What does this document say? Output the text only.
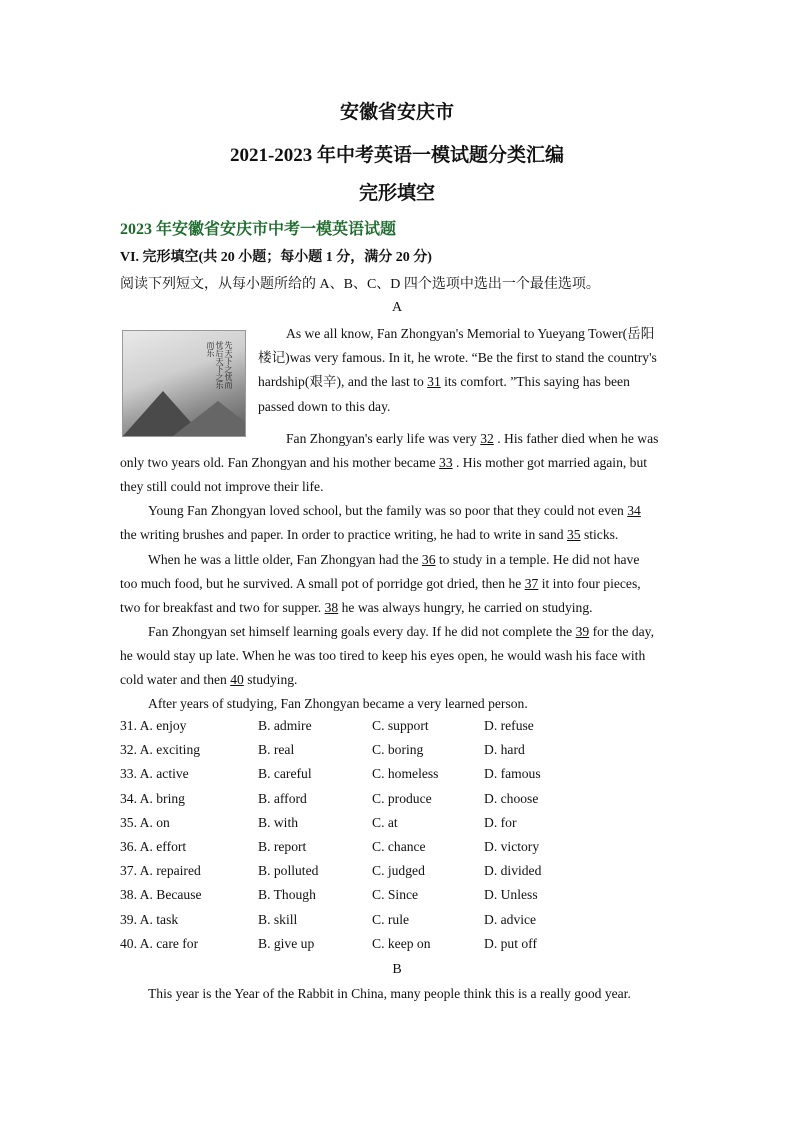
安徽省安庆市
2021-2023 年中考英语一模试题分类汇编
完形填空
2023 年安徽省安庆市中考一模英语试题
VI. 完形填空(共 20 小题；每小题 1 分，满分 20 分)
阅读下列短文，从每小题所给的 A、B、C、D 四个选项中选出一个最佳选项。
A
先天下之忧而忧后天下之乐而乐
As we all know, Fan Zhongyan's Memorial to Yueyang Tower(岳阳
楼记)was very famous. In it, he wrote. “Be the first to stand the country's
hardship(艰辛), and the last to 31 its comfort. ”This saying has been
passed down to this day.
Fan Zhongyan's early life was very 32 . His father died when he was
only two years old. Fan Zhongyan and his mother became 33 . His mother got married again, but
they still could not improve their life.
Young Fan Zhongyan loved school, but the family was so poor that they could not even 34
the writing brushes and paper. In order to practice writing, he had to write in sand 35 sticks.
When he was a little older, Fan Zhongyan had the 36 to study in a temple. He did not have
too much food, but he survived. A small pot of porridge got dried, then he 37 it into four pieces,
two for breakfast and two for supper. 38 he was always hungry, he carried on studying.
Fan Zhongyan set himself learning goals every day. If he did not complete the 39 for the day,
he would stay up late. When he was too tired to keep his eyes open, he would wash his face with
cold water and then 40 studying.
After years of studying, Fan Zhongyan became a very learned person.
31. A. enjoy	B. admire	C. support	D. refuse
32. A. exciting	B. real	C. boring	D. hard
33. A. active	B. careful	C. homeless	D. famous
34. A. bring	B. afford	C. produce	D. choose
35. A. on	B. with	C. at	D. for
36. A. effort	B. report	C. chance	D. victory
37. A. repaired	B. polluted	C. judged	D. divided
38. A. Because	B. Though	C. Since	D. Unless
39. A. task	B. skill	C. rule	D. advice
40. A. care for	B. give up	C. keep on	D. put off
B
This year is the Year of the Rabbit in China, many people think this is a really good year.
